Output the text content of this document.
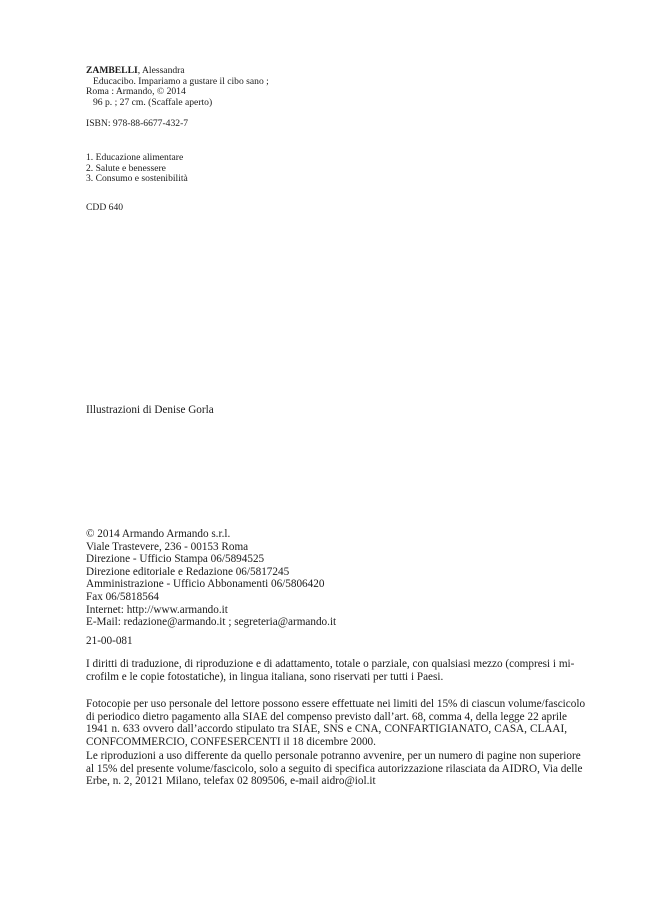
ZAMBELLI, Alessandra
Educacibo. Impariamo a gustare il cibo sano ;
Roma : Armando, © 2014
96 p. ; 27 cm. (Scaffale aperto)
ISBN: 978-88-6677-432-7
1. Educazione alimentare
2. Salute e benessere
3. Consumo e sostenibilità
CDD 640
Illustrazioni di Denise Gorla
© 2014 Armando Armando s.r.l.
Viale Trastevere, 236 - 00153 Roma
Direzione - Ufficio Stampa 06/5894525
Direzione editoriale e Redazione 06/5817245
Amministrazione - Ufficio Abbonamenti 06/5806420
Fax 06/5818564
Internet: http://www.armando.it
E-Mail: redazione@armando.it ; segreteria@armando.it
21-00-081
I diritti di traduzione, di riproduzione e di adattamento, totale o parziale, con qualsiasi mezzo (compresi i mi-
crofilm e le copie fotostatiche), in lingua italiana, sono riservati per tutti i Paesi.
Fotocopie per uso personale del lettore possono essere effettuate nei limiti del 15% di ciascun volume/fascicolo
di periodico dietro pagamento alla SIAE del compenso previsto dall’art. 68, comma 4, della legge 22 aprile
1941 n. 633 ovvero dall’accordo stipulato tra SIAE, SNS e CNA, CONFARTIGIANATO, CASA, CLAAI,
CONFCOMMERCIO, CONFESERCENTI il 18 dicembre 2000.
Le riproduzioni a uso differente da quello personale potranno avvenire, per un numero di pagine non superiore
al 15% del presente volume/fascicolo, solo a seguito di specifica autorizzazione rilasciata da AIDRO, Via delle
Erbe, n. 2, 20121 Milano, telefax 02 809506, e-mail aidro@iol.it
